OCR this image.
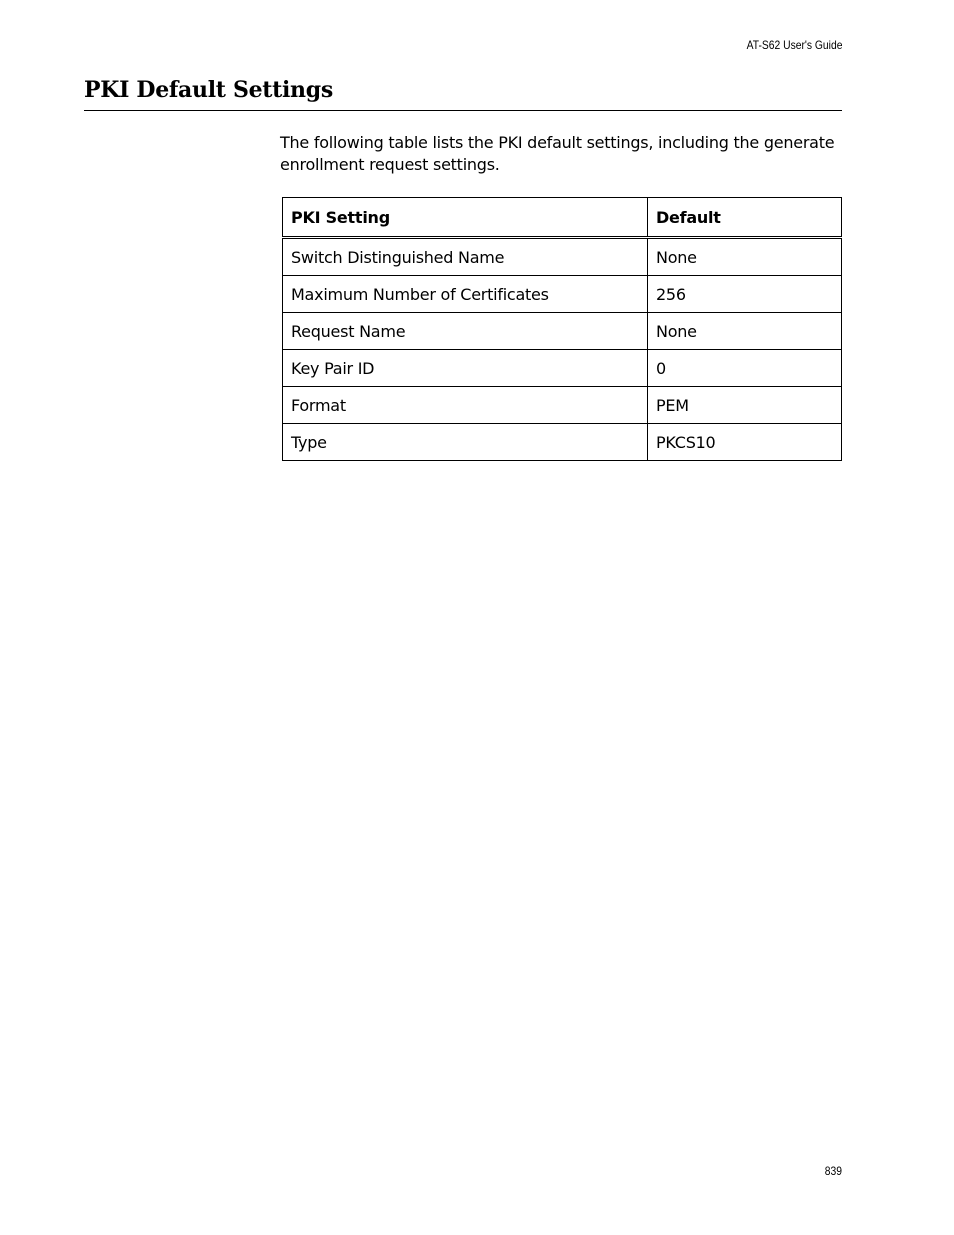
AT-S62 User's Guide
PKI Default Settings

The following table lists the PKI default settings, including the generate enrollment request settings.

PKI Setting	Default
Switch Distinguished Name	None
Maximum Number of Certificates	256
Request Name	None
Key Pair ID	0
Format	PEM
Type	PKCS10
839
